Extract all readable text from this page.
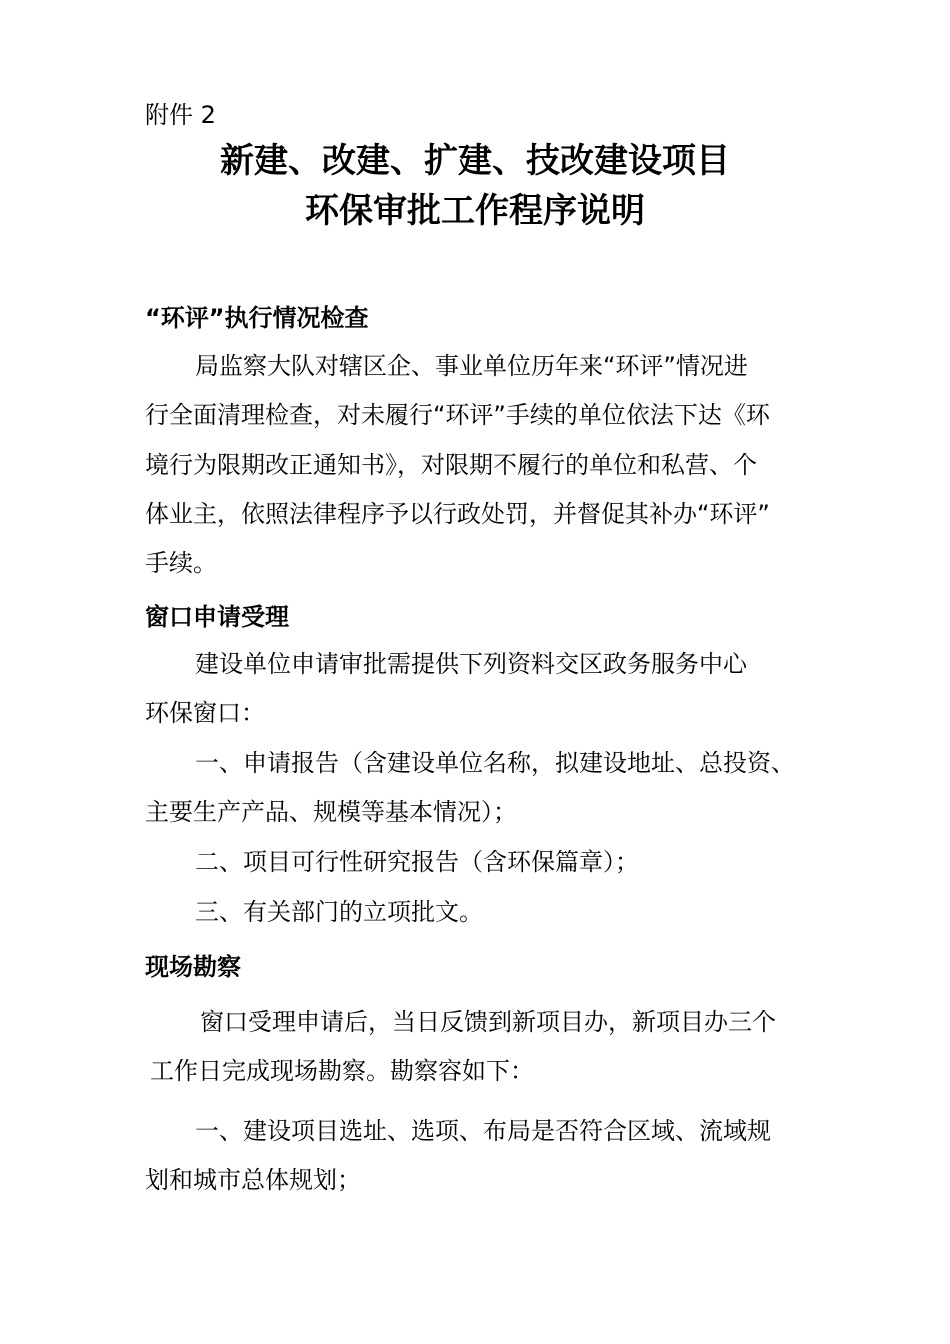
附件 2
新建、改建、扩建、技改建设项目
环保审批工作程序说明
“环评”执行情况检查
局监察大队对辖区企、事业单位历年来“环评”情况进
行全面清理检查，对未履行“环评”手续的单位依法下达《环
境行为限期改正通知书》，对限期不履行的单位和私营、个
体业主，依照法律程序予以行政处罚，并督促其补办“环评”
手续。
窗口申请受理
建设单位申请审批需提供下列资料交区政务服务中心
环保窗口：
一、申请报告（含建设单位名称，拟建设地址、总投资、
主要生产产品、规模等基本情况）；
二、项目可行性研究报告（含环保篇章）；
三、有关部门的立项批文。
现场勘察
窗口受理申请后，当日反馈到新项目办，新项目办三个
工作日完成现场勘察。勘察容如下：
一、建设项目选址、选项、布局是否符合区域、流域规
划和城市总体规划；
